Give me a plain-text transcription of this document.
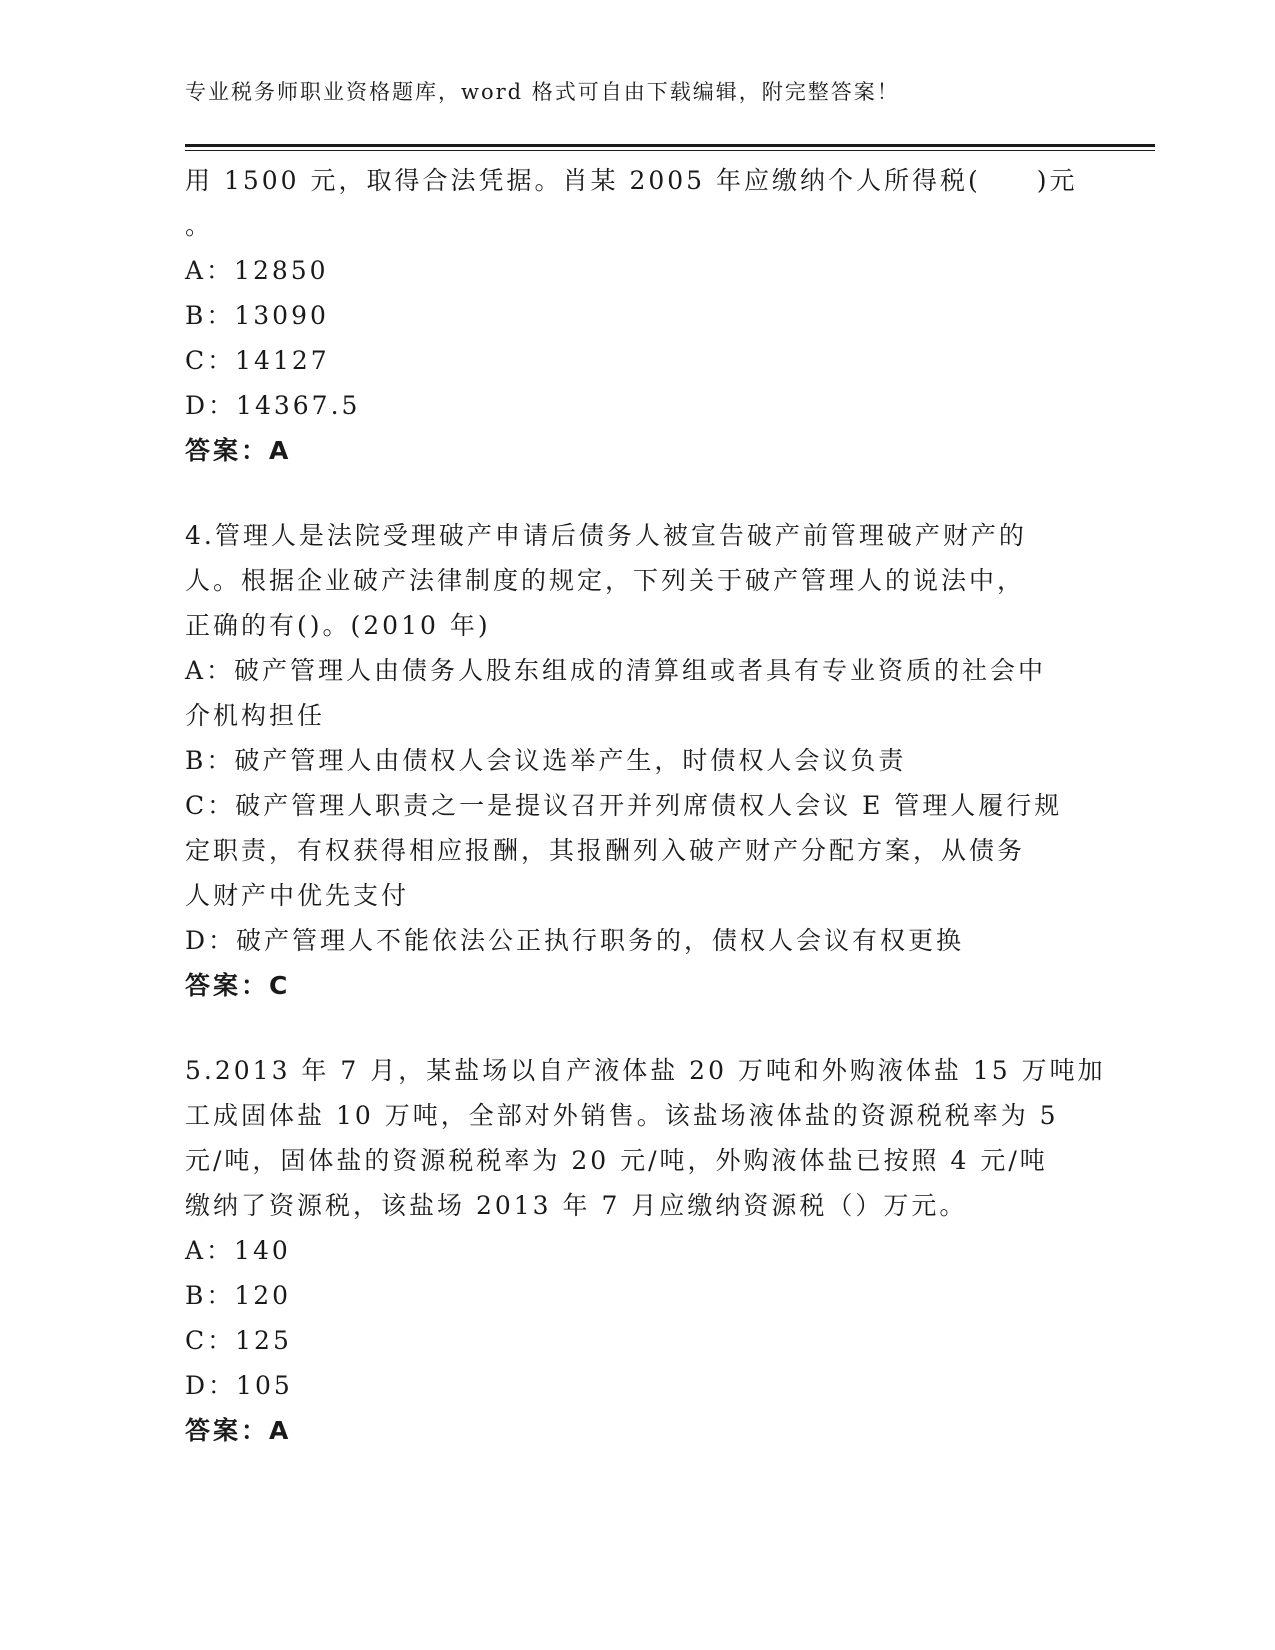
专业税务师职业资格题库，word 格式可自由下载编辑，附完整答案！
用 1500 元，取得合法凭据。肖某 2005 年应缴纳个人所得税(　　)元
。
A：12850
B：13090
C：14127
D：14367.5
答案：A
4.管理人是法院受理破产申请后债务人被宣告破产前管理破产财产的
人。根据企业破产法律制度的规定，下列关于破产管理人的说法中，
正确的有()。(2010 年)
A：破产管理人由债务人股东组成的清算组或者具有专业资质的社会中
介机构担任
B：破产管理人由债权人会议选举产生，时债权人会议负责
C：破产管理人职责之一是提议召开并列席债权人会议 E 管理人履行规
定职责，有权获得相应报酬，其报酬列入破产财产分配方案，从债务
人财产中优先支付
D：破产管理人不能依法公正执行职务的，债权人会议有权更换
答案：C
5.2013 年 7 月，某盐场以自产液体盐 20 万吨和外购液体盐 15 万吨加
工成固体盐 10 万吨，全部对外销售。该盐场液体盐的资源税税率为 5
元/吨，固体盐的资源税税率为 20 元/吨，外购液体盐已按照 4 元/吨
缴纳了资源税，该盐场 2013 年 7 月应缴纳资源税（）万元。
A：140
B：120
C：125
D：105
答案：A
